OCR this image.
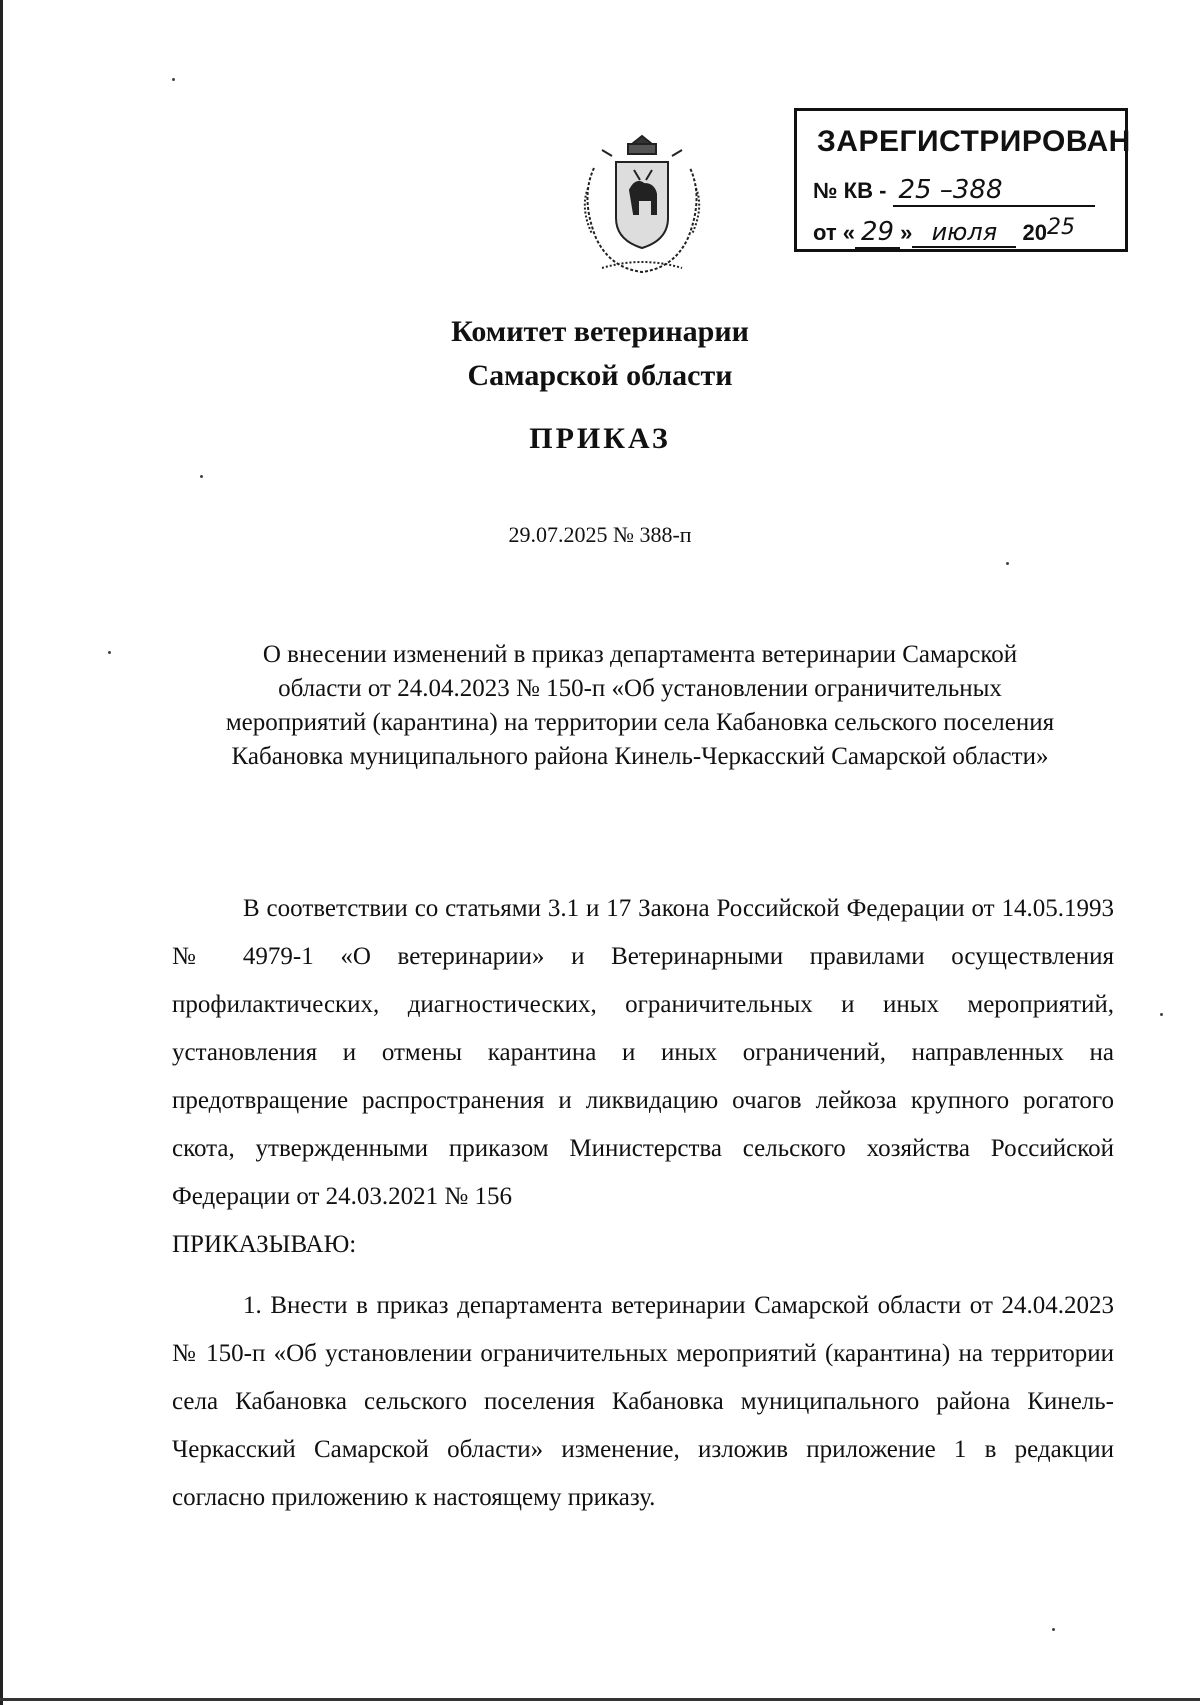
ЗАРЕГИСТРИРОВАН
№ КВ - 25 –388
от « 29 » июля 2025
Комитет ветеринарии
Самарской области
ПРИКАЗ
29.07.2025 № 388-п
О внесении изменений в приказ департамента ветеринарии Самарской
области от 24.04.2023 № 150-п «Об установлении ограничительных
мероприятий (карантина) на территории села Кабановка сельского поселения
Кабановка муниципального района Кинель-Черкасский Самарской области»

В соответствии со статьями 3.1 и 17 Закона Российской Федерации от 14.05.1993 № 4979-1 «О ветеринарии» и Ветеринарными правилами осуществления профилактических, диагностических, ограничительных и иных мероприятий, установления и отмены карантина и иных ограничений, направленных на предотвращение распространения и ликвидацию очагов лейкоза крупного рогатого скота, утвержденными приказом Министерства сельского хозяйства Российской Федерации от 24.03.2021 № 156

ПРИКАЗЫВАЮ:

1. Внести в приказ департамента ветеринарии Самарской области от 24.04.2023 № 150-п «Об установлении ограничительных мероприятий (карантина) на территории села Кабановка сельского поселения Кабановка муниципального района Кинель-Черкасский Самарской области» изменение, изложив приложение 1 в редакции согласно приложению к настоящему приказу.
